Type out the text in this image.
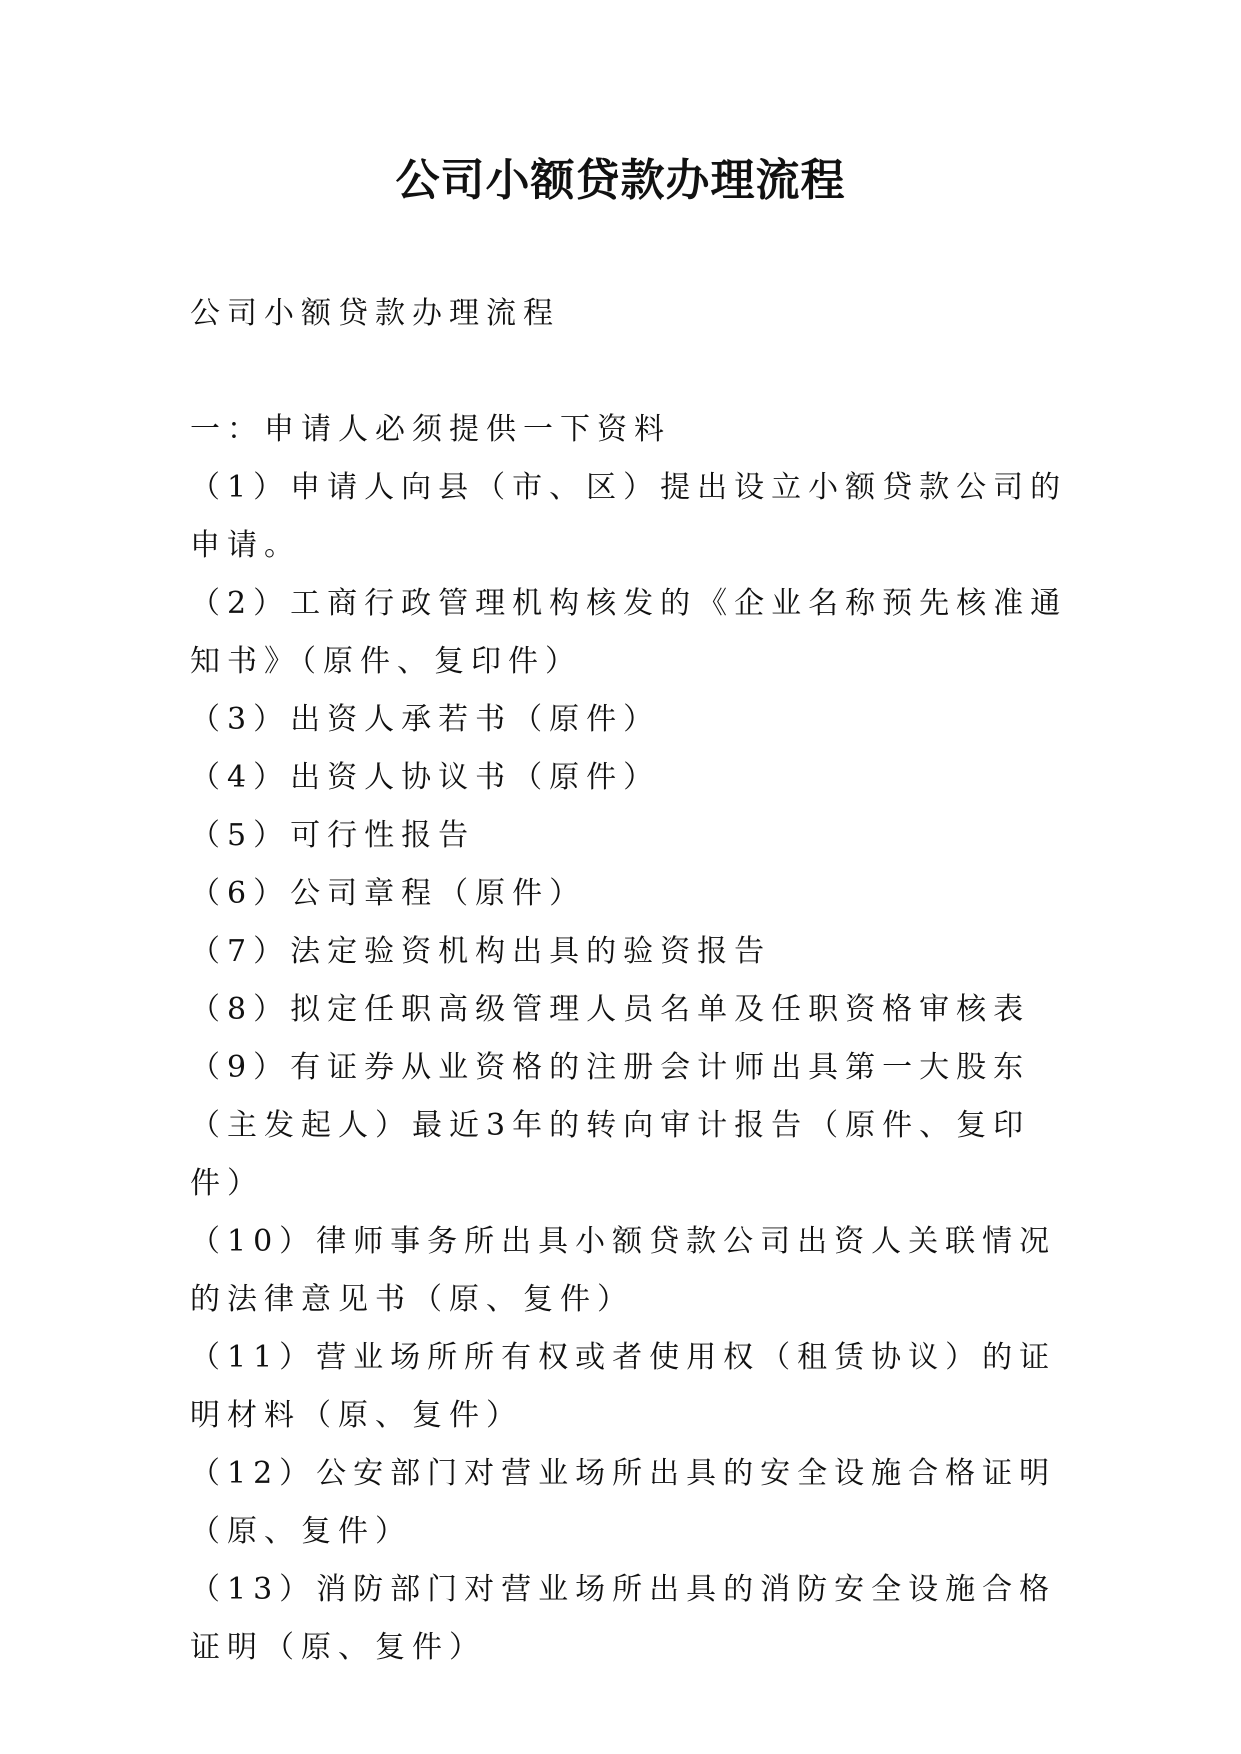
公司小额贷款办理流程

公司小额贷款办理流程

一：申请人必须提供一下资料

（1）申请人向县（市、区）提出设立小额贷款公司的申请。
（2）工商行政管理机构核发的《企业名称预先核准通知书》（原件、复印件）
（3）出资人承若书（原件）
（4）出资人协议书（原件）
（5）可行性报告
（6）公司章程（原件）
（7）法定验资机构出具的验资报告
（8）拟定任职高级管理人员名单及任职资格审核表
（9）有证券从业资格的注册会计师出具第一大股东（主发起人）最近3年的转向审计报告（原件、复印件）
（10）律师事务所出具小额贷款公司出资人关联情况的法律意见书（原、复件）
（11）营业场所所有权或者使用权（租赁协议）的证明材料（原、复件）
（12）公安部门对营业场所出具的安全设施合格证明（原、复件）
（13）消防部门对营业场所出具的消防安全设施合格证明（原、复件）
